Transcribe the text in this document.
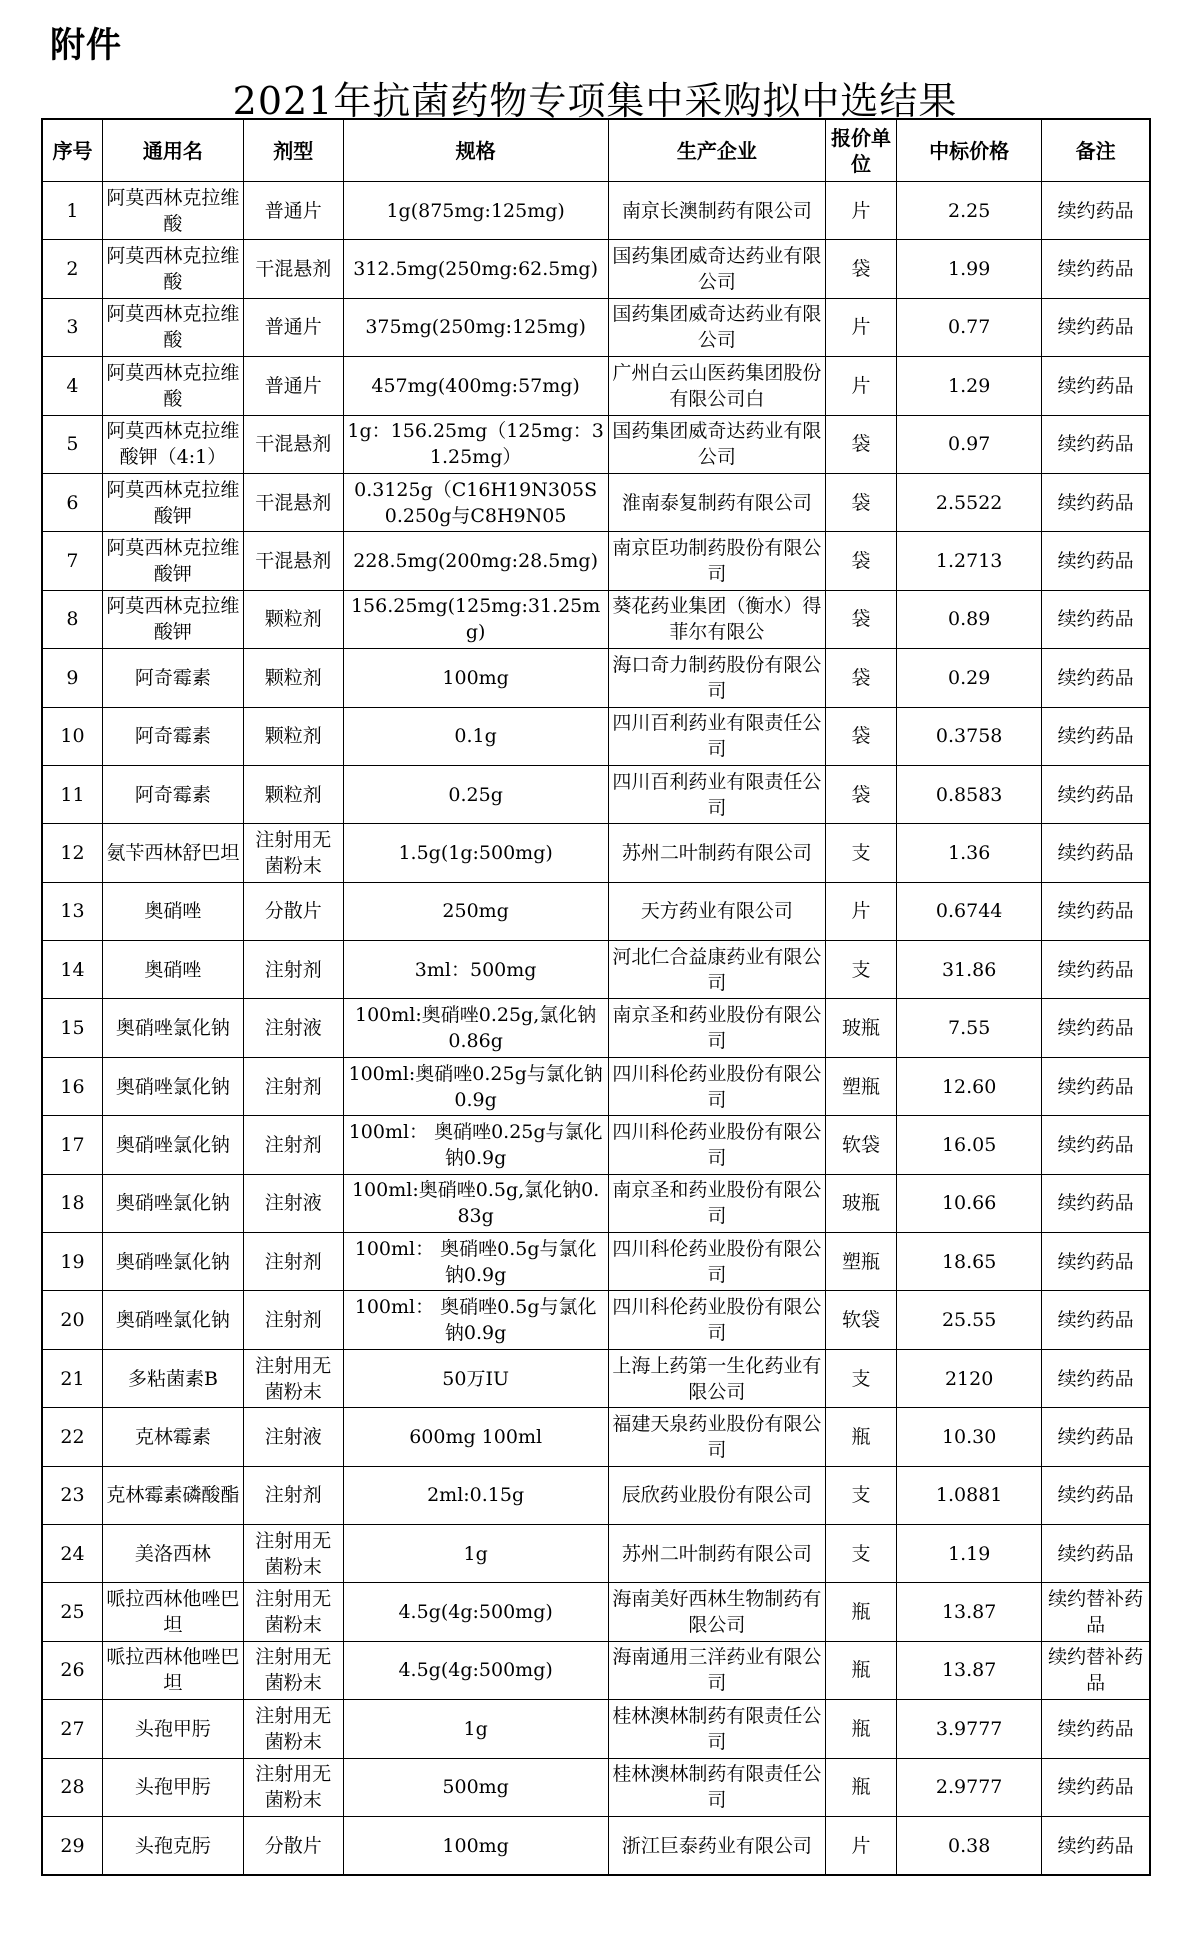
附件
2021年抗菌药物专项集中采购拟中选结果
序号	通用名	剂型	规格	生产企业	报价单位	中标价格	备注
1	阿莫西林克拉维酸	普通片	1g(875mg:125mg)	南京长澳制药有限公司	片	2.25	续约药品
2	阿莫西林克拉维酸	干混悬剂	312.5mg(250mg:62.5mg)	国药集团威奇达药业有限公司	袋	1.99	续约药品
3	阿莫西林克拉维酸	普通片	375mg(250mg:125mg)	国药集团威奇达药业有限公司	片	0.77	续约药品
4	阿莫西林克拉维酸	普通片	457mg(400mg:57mg)	广州白云山医药集团股份有限公司白	片	1.29	续约药品
5	阿莫西林克拉维酸钾（4:1）	干混悬剂	1g：156.25mg（125mg：31.25mg）	国药集团威奇达药业有限公司	袋	0.97	续约药品
6	阿莫西林克拉维酸钾	干混悬剂	0.3125g（C16H19N305S 0.250g与C8H9N05	淮南泰复制药有限公司	袋	2.5522	续约药品
7	阿莫西林克拉维酸钾	干混悬剂	228.5mg(200mg:28.5mg)	南京臣功制药股份有限公司	袋	1.2713	续约药品
8	阿莫西林克拉维酸钾	颗粒剂	156.25mg(125mg:31.25mg)	葵花药业集团（衡水）得菲尔有限公	袋	0.89	续约药品
9	阿奇霉素	颗粒剂	100mg	海口奇力制药股份有限公司	袋	0.29	续约药品
10	阿奇霉素	颗粒剂	0.1g	四川百利药业有限责任公司	袋	0.3758	续约药品
11	阿奇霉素	颗粒剂	0.25g	四川百利药业有限责任公司	袋	0.8583	续约药品
12	氨苄西林舒巴坦	注射用无菌粉末	1.5g(1g:500mg)	苏州二叶制药有限公司	支	1.36	续约药品
13	奥硝唑	分散片	250mg	天方药业有限公司	片	0.6744	续约药品
14	奥硝唑	注射剂	3ml：500mg	河北仁合益康药业有限公司	支	31.86	续约药品
15	奥硝唑氯化钠	注射液	100ml:奥硝唑0.25g,氯化钠0.86g	南京圣和药业股份有限公司	玻瓶	7.55	续约药品
16	奥硝唑氯化钠	注射剂	100ml:奥硝唑0.25g与氯化钠0.9g	四川科伦药业股份有限公司	塑瓶	12.60	续约药品
17	奥硝唑氯化钠	注射剂	100ml： 奥硝唑0.25g与氯化钠0.9g	四川科伦药业股份有限公司	软袋	16.05	续约药品
18	奥硝唑氯化钠	注射液	100ml:奥硝唑0.5g,氯化钠0.83g	南京圣和药业股份有限公司	玻瓶	10.66	续约药品
19	奥硝唑氯化钠	注射剂	100ml： 奥硝唑0.5g与氯化钠0.9g	四川科伦药业股份有限公司	塑瓶	18.65	续约药品
20	奥硝唑氯化钠	注射剂	100ml： 奥硝唑0.5g与氯化钠0.9g	四川科伦药业股份有限公司	软袋	25.55	续约药品
21	多粘菌素B	注射用无菌粉末	50万IU	上海上药第一生化药业有限公司	支	2120	续约药品
22	克林霉素	注射液	600mg 100ml	福建天泉药业股份有限公司	瓶	10.30	续约药品
23	克林霉素磷酸酯	注射剂	2ml:0.15g	辰欣药业股份有限公司	支	1.0881	续约药品
24	美洛西林	注射用无菌粉末	1g	苏州二叶制药有限公司	支	1.19	续约药品
25	哌拉西林他唑巴坦	注射用无菌粉末	4.5g(4g:500mg)	海南美好西林生物制药有限公司	瓶	13.87	续约替补药品
26	哌拉西林他唑巴坦	注射用无菌粉末	4.5g(4g:500mg)	海南通用三洋药业有限公司	瓶	13.87	续约替补药品
27	头孢甲肟	注射用无菌粉末	1g	桂林澳林制药有限责任公司	瓶	3.9777	续约药品
28	头孢甲肟	注射用无菌粉末	500mg	桂林澳林制药有限责任公司	瓶	2.9777	续约药品
29	头孢克肟	分散片	100mg	浙江巨泰药业有限公司	片	0.38	续约药品
